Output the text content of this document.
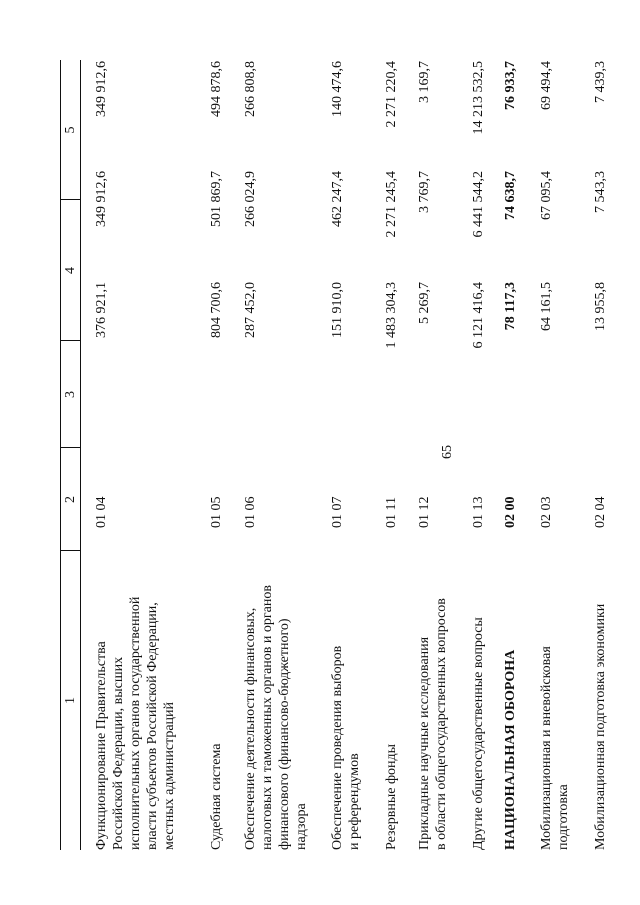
65
1
2
3
4
5
Функционирование Правительства Российской Федерации, высших исполнительных органов государственной власти субъектов Российской Федерации, местных администраций
01 04
376 921,1
349 912,6
349 912,6
Судебная система
01 05
804 700,6
501 869,7
494 878,6
Обеспечение деятельности финансовых, налоговых и таможенных органов и органов финансового (финансово-бюджетного) надзора
01 06
287 452,0
266 024,9
266 808,8
Обеспечение проведения выборов и референдумов
01 07
151 910,0
462 247,4
140 474,6
Резервные фонды
01 11
1 483 304,3
2 271 245,4
2 271 220,4
Прикладные научные исследования в области общегосударственных вопросов
01 12
5 269,7
3 769,7
3 169,7
Другие общегосударственные вопросы
01 13
6 121 416,4
6 441 544,2
14 213 532,5
НАЦИОНАЛЬНАЯ ОБОРОНА
02 00
78 117,3
74 638,7
76 933,7
Мобилизационная и вневойсковая подготовка
02 03
64 161,5
67 095,4
69 494,4
Мобилизационная подготовка экономики
02 04
13 955,8
7 543,3
7 439,3
